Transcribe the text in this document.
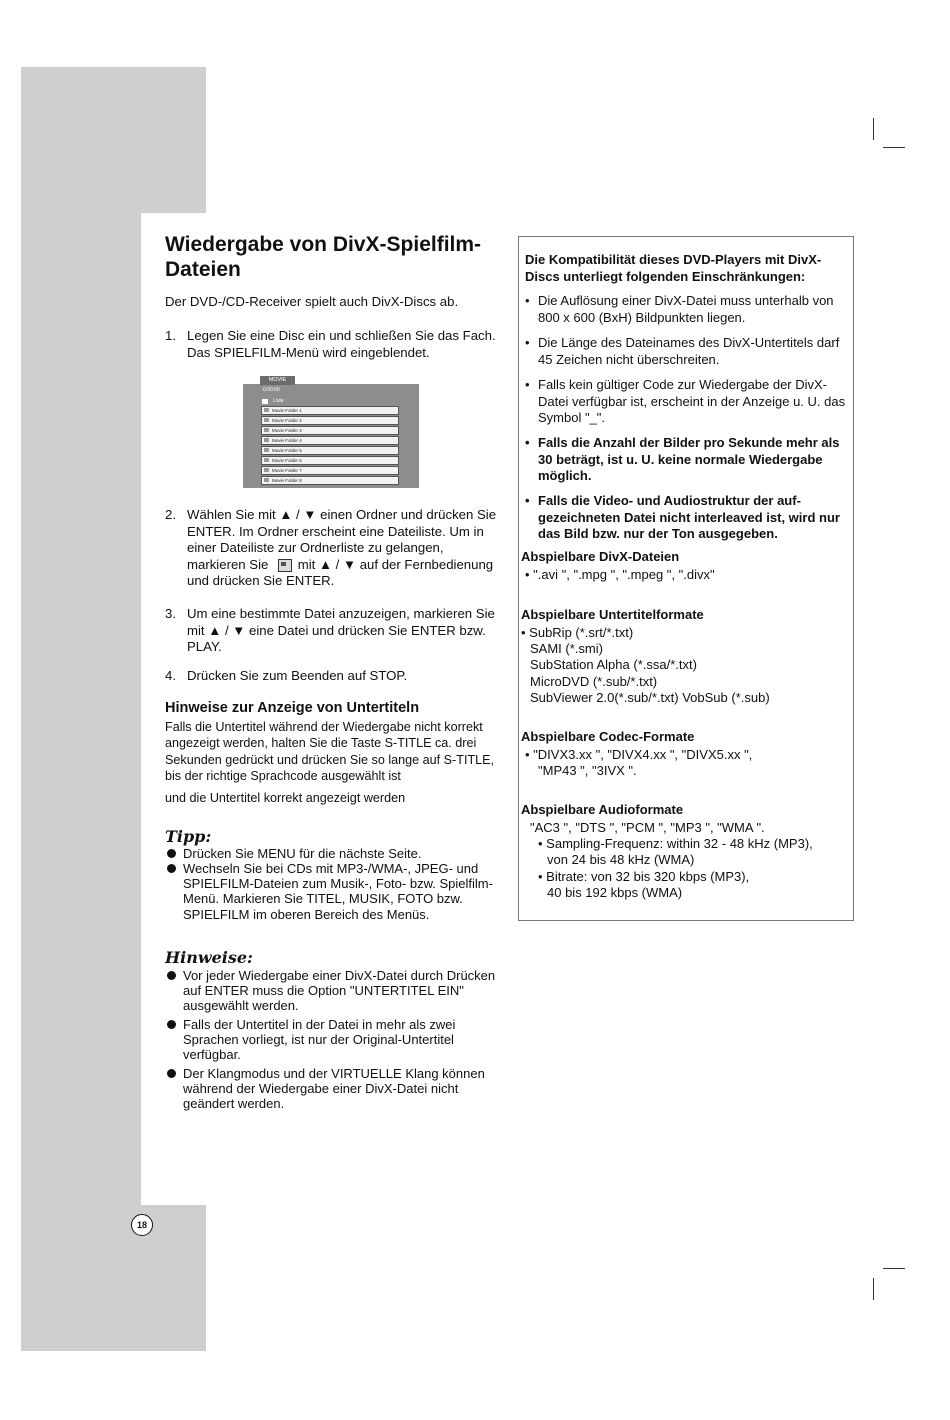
Wiedergabe von DivX-Spielfilm-Dateien
Der DVD-/CD-Receiver spielt auch DivX-Discs ab.
1. Legen Sie eine Disc ein und schließen Sie das Fach. Das SPIELFILM-Menü wird eingeblendet.
MOVIE
0:00:00
Liste
Movie Folder 1
Movie Folder 2
Movie Folder 3
Movie Folder 4
Movie Folder 5
Movie Folder 6
Movie Folder 7
Movie Folder 8
▼
2. Wählen Sie mit ▲ / ▼ einen Ordner und drücken Sie ENTER. Im Ordner erscheint eine Dateiliste. Um in einer Dateiliste zur Ordnerliste zu gelangen, markieren Sie mit ▲ / ▼ auf der Fernbedienung und drücken Sie ENTER.
3. Um eine bestimmte Datei anzuzeigen, markieren Sie mit ▲ / ▼ eine Datei und drücken Sie ENTER bzw. PLAY.
4. Drücken Sie zum Beenden auf STOP.
Hinweise zur Anzeige von Untertiteln
Falls die Untertitel während der Wiedergabe nicht korrekt angezeigt werden, halten Sie die Taste S-TITLE ca. drei Sekunden gedrückt und drücken Sie so lange auf S-TITLE, bis der richtige Sprachcode ausgewählt ist
und die Untertitel korrekt angezeigt werden
Tipp:
Drücken Sie MENU für die nächste Seite.
Wechseln Sie bei CDs mit MP3-/WMA-, JPEG- und SPIELFILM-Dateien zum Musik-, Foto- bzw. Spielfilm-Menü. Markieren Sie TITEL, MUSIK, FOTO bzw. SPIELFILM im oberen Bereich des Menüs.
Hinweise:
Vor jeder Wiedergabe einer DivX-Datei durch Drücken auf ENTER muss die Option "UNTERTITEL EIN" ausgewählt werden.
Falls der Untertitel in der Datei in mehr als zwei Sprachen vorliegt, ist nur der Original-Untertitel verfügbar.
Der Klangmodus und der VIRTUELLE Klang können während der Wiedergabe einer DivX-Datei nicht geändert werden.
Die Kompatibilität dieses DVD-Players mit DivX-Discs unterliegt folgenden Einschränkungen:
• Die Auflösung einer DivX-Datei muss unterhalb von 800 x 600 (BxH) Bildpunkten liegen.
• Die Länge des Dateinames des DivX-Untertitels darf 45 Zeichen nicht überschreiten.
• Falls kein gültiger Code zur Wiedergabe der DivX-Datei verfügbar ist, erscheint in der Anzeige u. U. das Symbol "_".
• Falls die Anzahl der Bilder pro Sekunde mehr als 30 beträgt, ist u. U. keine normale Wiedergabe möglich.
• Falls die Video- und Audiostruktur der auf-gezeichneten Datei nicht interleaved ist, wird nur das Bild bzw. nur der Ton ausgegeben.
Abspielbare DivX-Dateien
• ".avi ", ".mpg ", ".mpeg ", ".divx"
Abspielbare Untertitelformate
• SubRip (*.srt/*.txt)
SAMI (*.smi)
SubStation Alpha (*.ssa/*.txt)
MicroDVD (*.sub/*.txt)
SubViewer 2.0(*.sub/*.txt) VobSub (*.sub)
Abspielbare Codec-Formate
• "DIVX3.xx ", "DIVX4.xx ", "DIVX5.xx ",
"MP43 ", "3IVX ".
Abspielbare Audioformate
"AC3 ", "DTS ", "PCM ", "MP3 ", "WMA ".
• Sampling-Frequenz: within 32 - 48 kHz (MP3),
von 24 bis 48 kHz (WMA)
• Bitrate: von 32 bis 320 kbps (MP3),
40 bis 192 kbps (WMA)
18
